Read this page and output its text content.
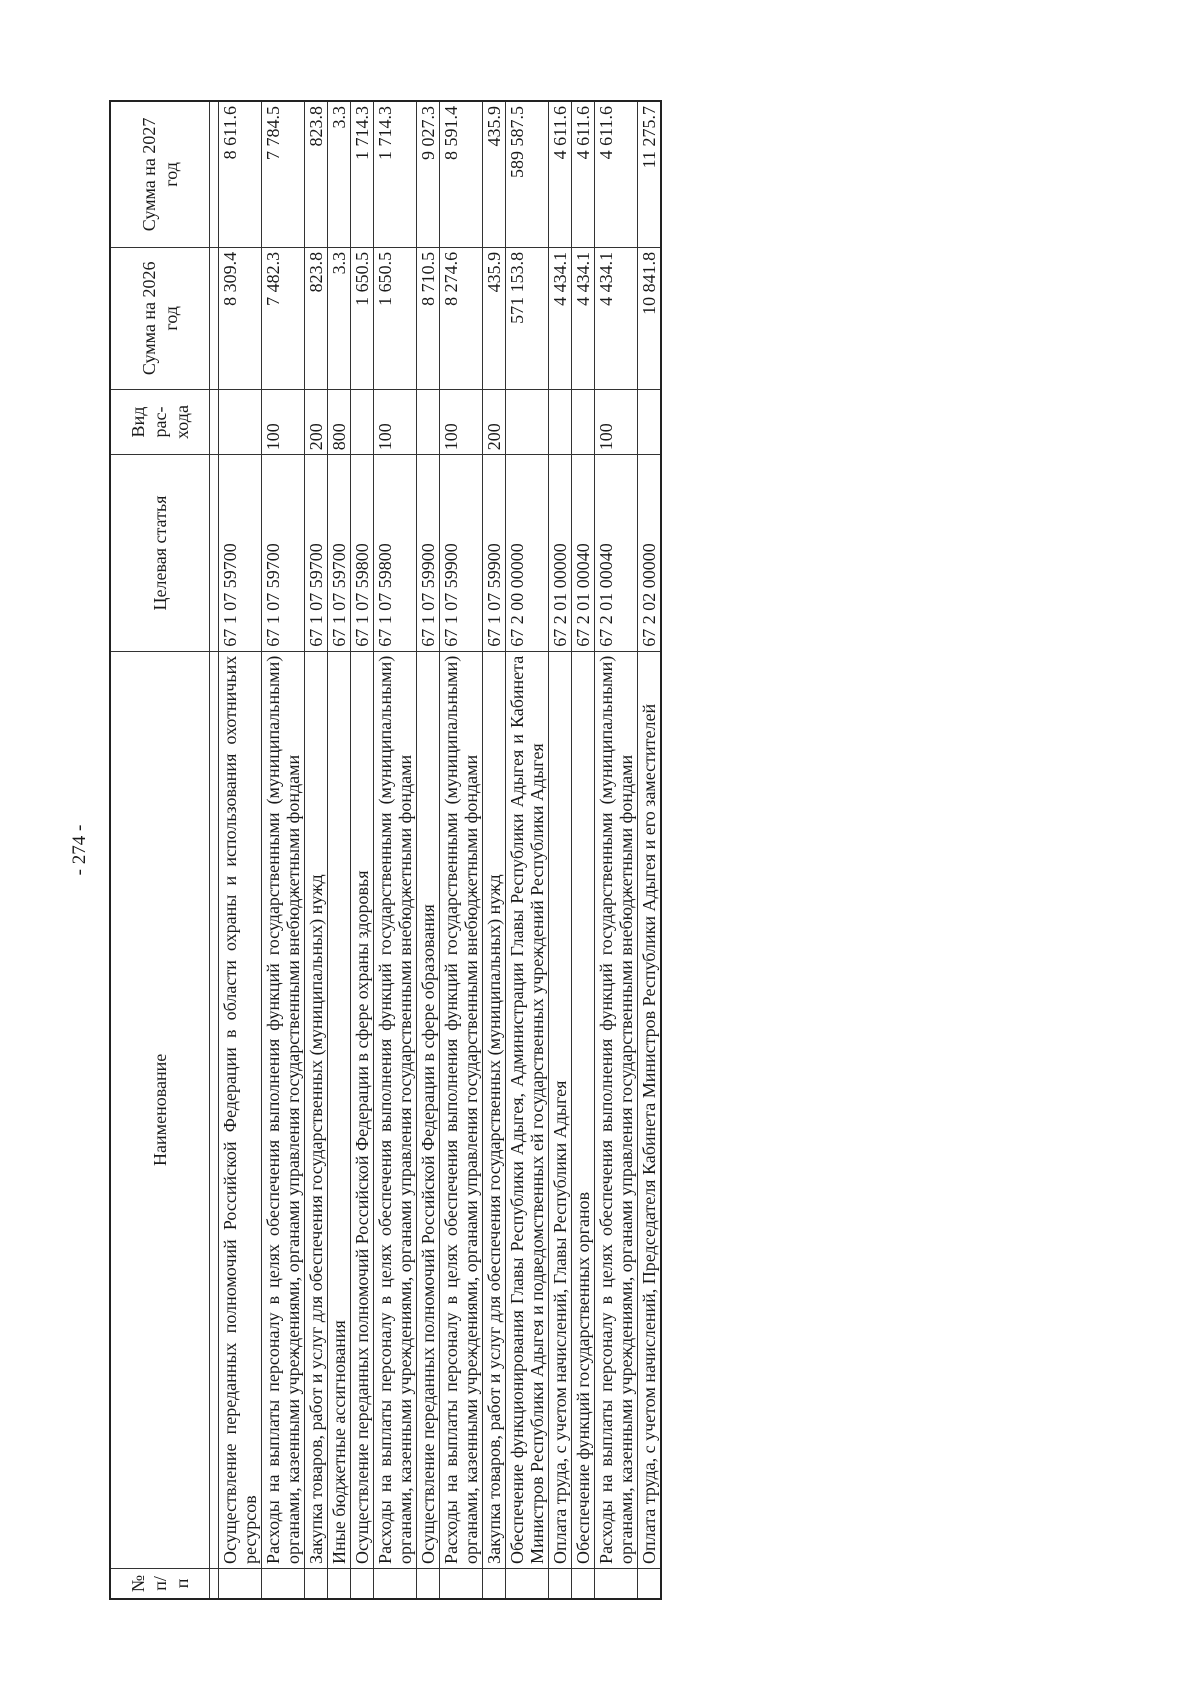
- 274 -
№ п/п	Наименование	Целевая статья	Вид рас- хода	Сумма на 2026 год	Сумма на 2027 год

	Осуществление переданных полномочий Российской Федерации в области охраны и использования охотничьих ресурсов	67 1 07 59700		8 309.4	8 611.6
	Расходы на выплаты персоналу в целях обеспечения выполнения функций государственными (муниципальными) органами, казенными учреждениями, органами управления государственными внебюджетными фондами	67 1 07 59700	100	7 482.3	7 784.5
	Закупка товаров, работ и услуг для обеспечения государственных (муниципальных) нужд	67 1 07 59700	200	823.8	823.8
	Иные бюджетные ассигнования	67 1 07 59700	800	3.3	3.3
	Осуществление переданных полномочий Российской Федерации в сфере охраны здоровья	67 1 07 59800		1 650.5	1 714.3
	Расходы на выплаты персоналу в целях обеспечения выполнения функций государственными (муниципальными) органами, казенными учреждениями, органами управления государственными внебюджетными фондами	67 1 07 59800	100	1 650.5	1 714.3
	Осуществление переданных полномочий Российской Федерации в сфере образования	67 1 07 59900		8 710.5	9 027.3
	Расходы на выплаты персоналу в целях обеспечения выполнения функций государственными (муниципальными) органами, казенными учреждениями, органами управления государственными внебюджетными фондами	67 1 07 59900	100	8 274.6	8 591.4
	Закупка товаров, работ и услуг для обеспечения государственных (муниципальных) нужд	67 1 07 59900	200	435.9	435.9
	Обеспечение функционирования Главы Республики Адыгея, Администрации Главы Республики Адыгея и Кабинета Министров Республики Адыгея и подведомственных ей государственных учреждений Республики Адыгея	67 2 00 00000		571 153.8	589 587.5
	Оплата труда, с учетом начислений, Главы Республики Адыгея	67 2 01 00000		4 434.1	4 611.6
	Обеспечение функций государственных органов	67 2 01 00040		4 434.1	4 611.6
	Расходы на выплаты персоналу в целях обеспечения выполнения функций государственными (муниципальными) органами, казенными учреждениями, органами управления государственными внебюджетными фондами	67 2 01 00040	100	4 434.1	4 611.6
	Оплата труда, с учетом начислений, Председателя Кабинета Министров Республики Адыгея и его заместителей	67 2 02 00000		10 841.8	11 275.7
